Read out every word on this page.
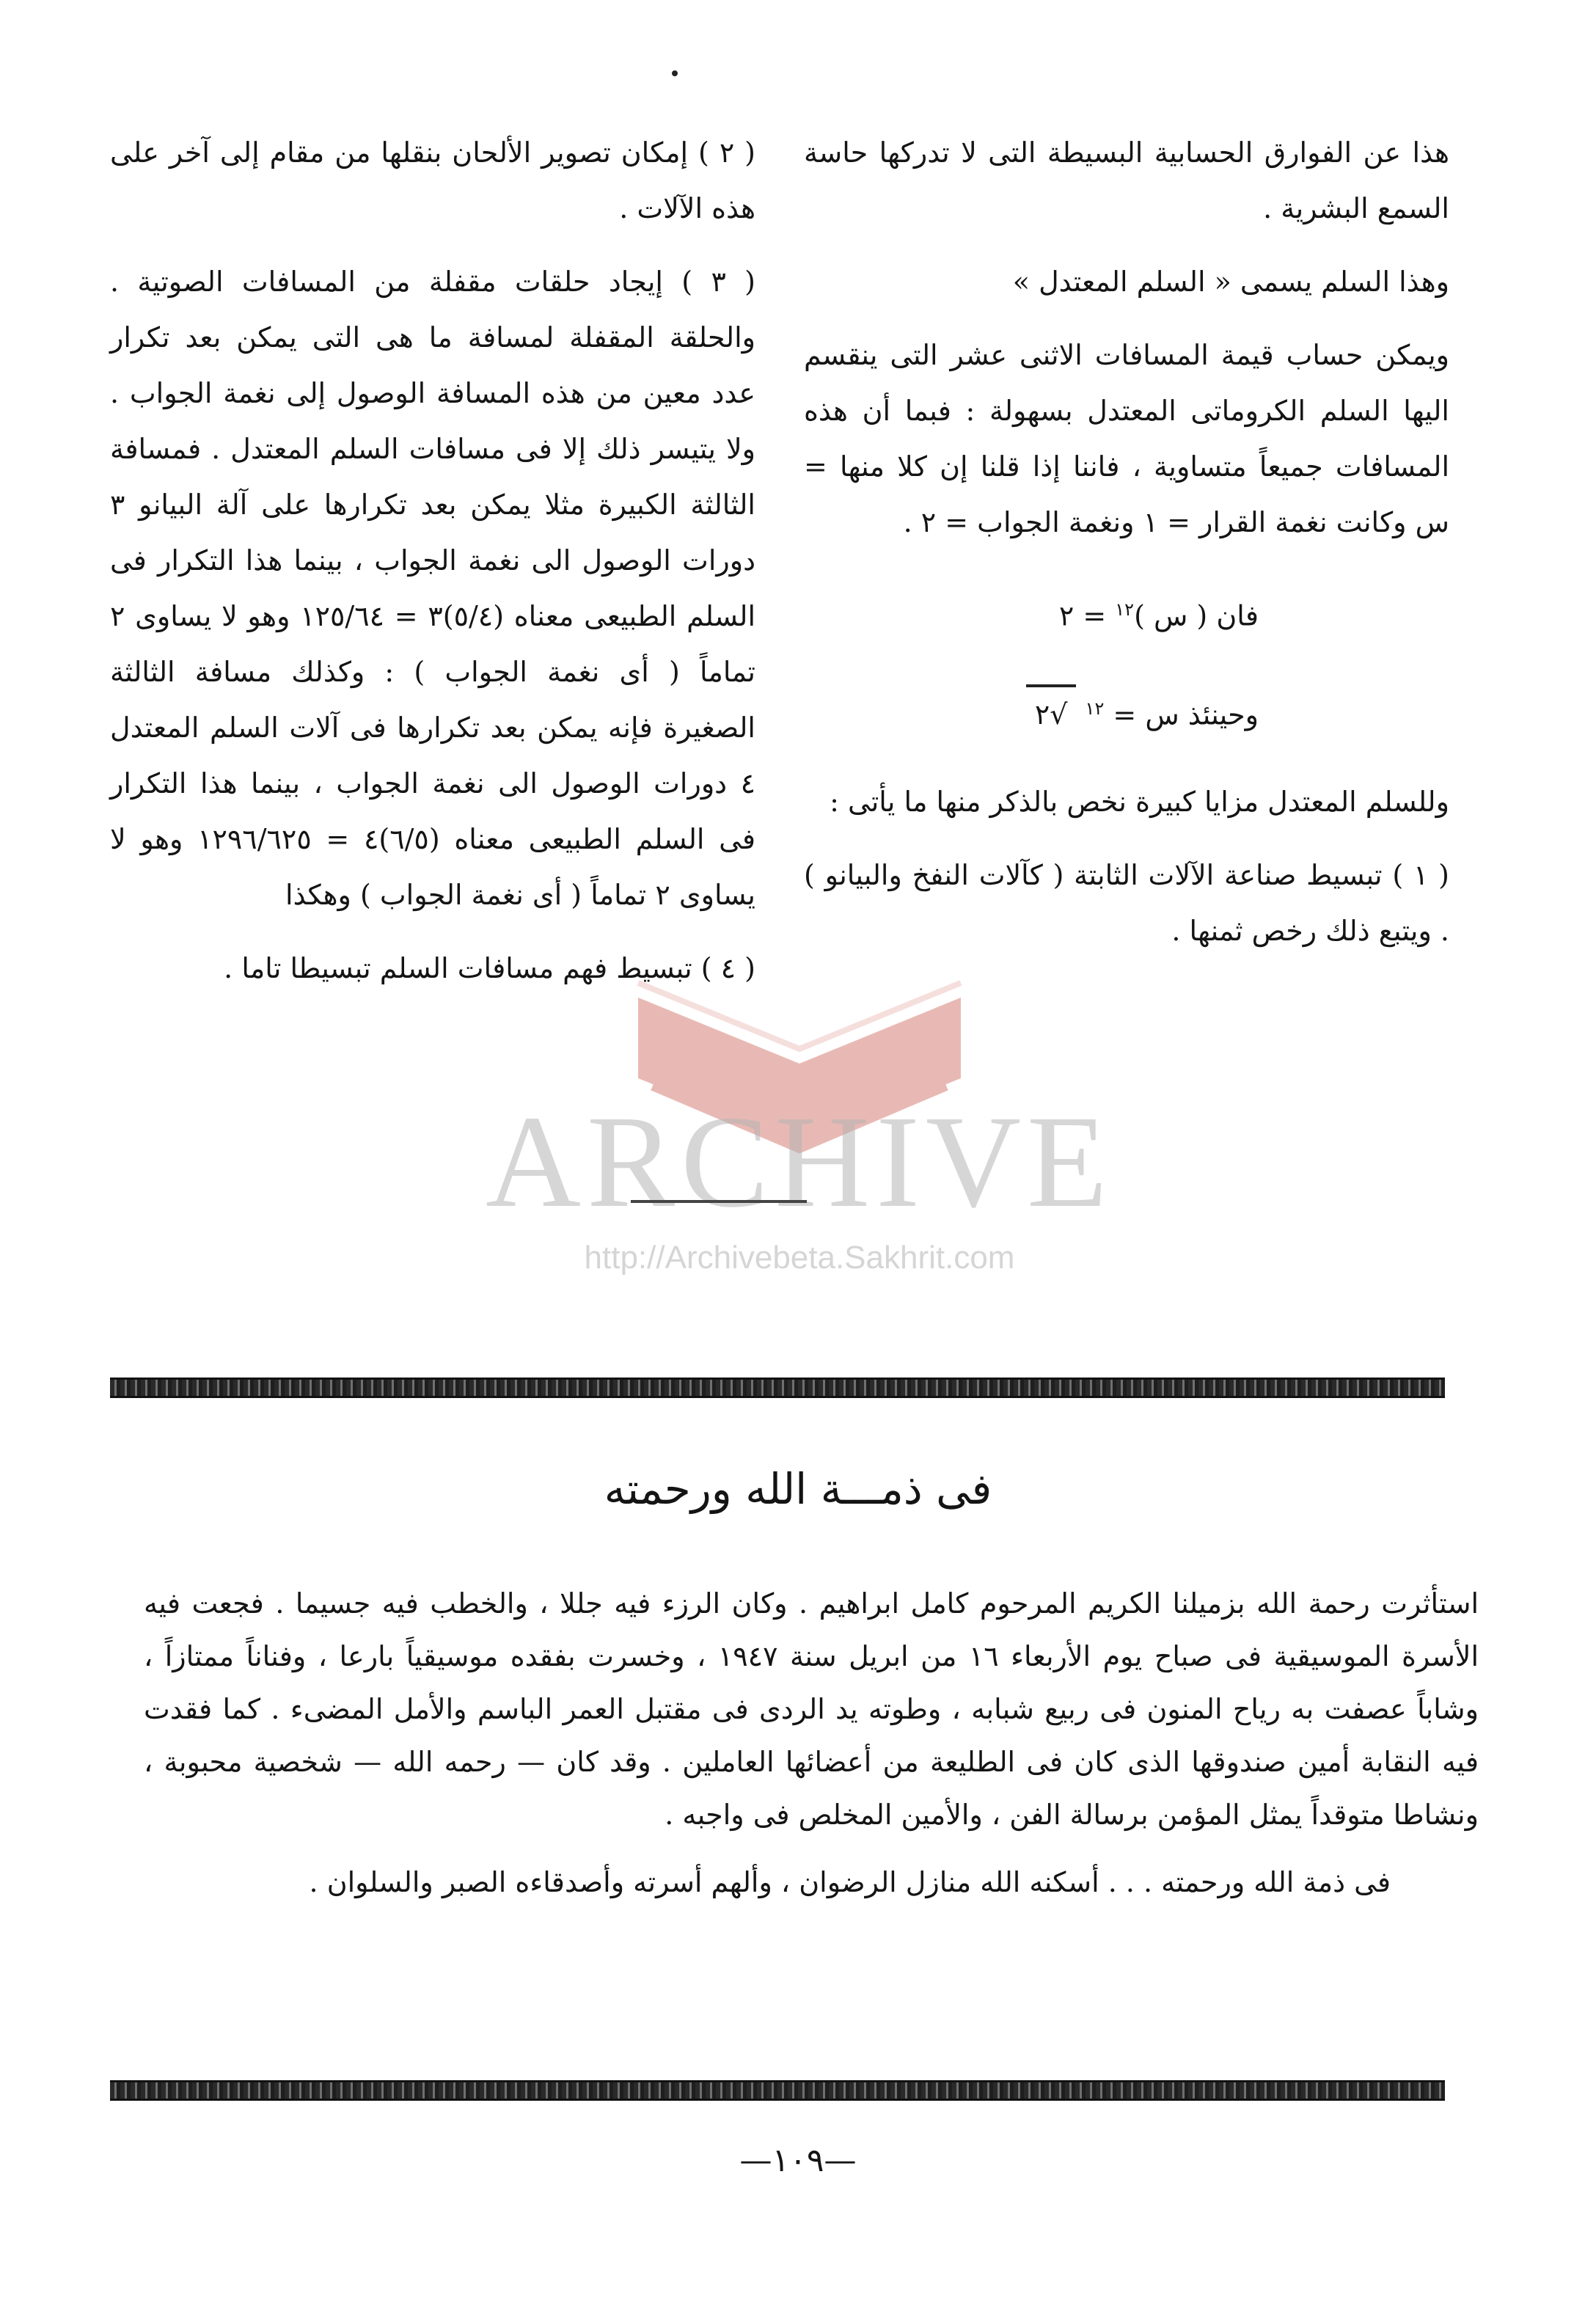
هذا عن الفوارق الحسابية البسيطة التى لا تدركها حاسة السمع البشرية .

وهذا السلم يسمى « السلم المعتدل »

ويمكن حساب قيمة المسافات الاثنى عشر التى ينقسم اليها السلم الكروماتى المعتدل بسهولة : فبما أن هذه المسافات جميعاً متساوية ، فاننا إذا قلنا إن كلا منها = س وكانت نغمة القرار = ١ ونغمة الجواب = ٢ .

فان ( س )$^{١٢}$ = ٢
وحينئذ س = $^{١٢}$
√٢

وللسلم المعتدل مزايا كبيرة نخص بالذكر منها ما يأتى :

( ١ ) تبسيط صناعة الآلات الثابتة ( كآلات النفخ والبيانو ) . ويتبع ذلك رخص ثمنها .

( ٢ ) إمكان تصوير الألحان بنقلها من مقام إلى آخر على هذه الآلات .

( ٣ ) إيجاد حلقات مقفلة من المسافات الصوتية . والحلقة المقفلة لمسافة ما هى التى يمكن بعد تكرار عدد معين من هذه المسافة الوصول إلى نغمة الجواب . ولا يتيسر ذلك إلا فى مسافات السلم المعتدل . فمسافة الثالثة الكبيرة مثلا يمكن بعد تكرارها على آلة البيانو ٣ دورات الوصول الى نغمة الجواب ، بينما هذا التكرار فى السلم الطبيعى معناه (٥/٤)٣ = ١٢٥/٦٤ وهو لا يساوى ٢ تماماً ( أى نغمة الجواب ) : وكذلك مسافة الثالثة الصغيرة فإنه يمكن بعد تكرارها فى آلات السلم المعتدل ٤ دورات الوصول الى نغمة الجواب ، بينما هذا التكرار فى السلم الطبيعى معناه (٦/٥)٤ = ١٢٩٦/٦٢٥ وهو لا يساوى ٢ تماماً ( أى نغمة الجواب ) وهكذا

( ٤ ) تبسيط فهم مسافات السلم تبسيطا تاما .

ARCHIVE
http://Archivebeta.Sakhrit.com
فى ذمـــة الله ورحمته

استأثرت رحمة الله بزميلنا الكريم المرحوم كامل ابراهيم . وكان الرزء فيه جللا ، والخطب فيه جسيما . فجعت فيه الأسرة الموسيقية فى صباح يوم الأربعاء ١٦ من ابريل سنة ١٩٤٧ ، وخسرت بفقده موسيقياً بارعا ، وفناناً ممتازاً ، وشاباً عصفت به رياح المنون فى ربيع شبابه ، وطوته يد الردى فى مقتبل العمر الباسم والأمل المضىء . كما فقدت فيه النقابة أمين صندوقها الذى كان فى الطليعة من أعضائها العاملين . وقد كان — رحمه الله — شخصية محبوبة ، ونشاطا متوقداً يمثل المؤمن برسالة الفن ، والأمين المخلص فى واجبه .

فى ذمة الله ورحمته . . . أسكنه الله منازل الرضوان ، وألهم أسرته وأصدقاءه الصبر والسلوان .

—١٠٩—
